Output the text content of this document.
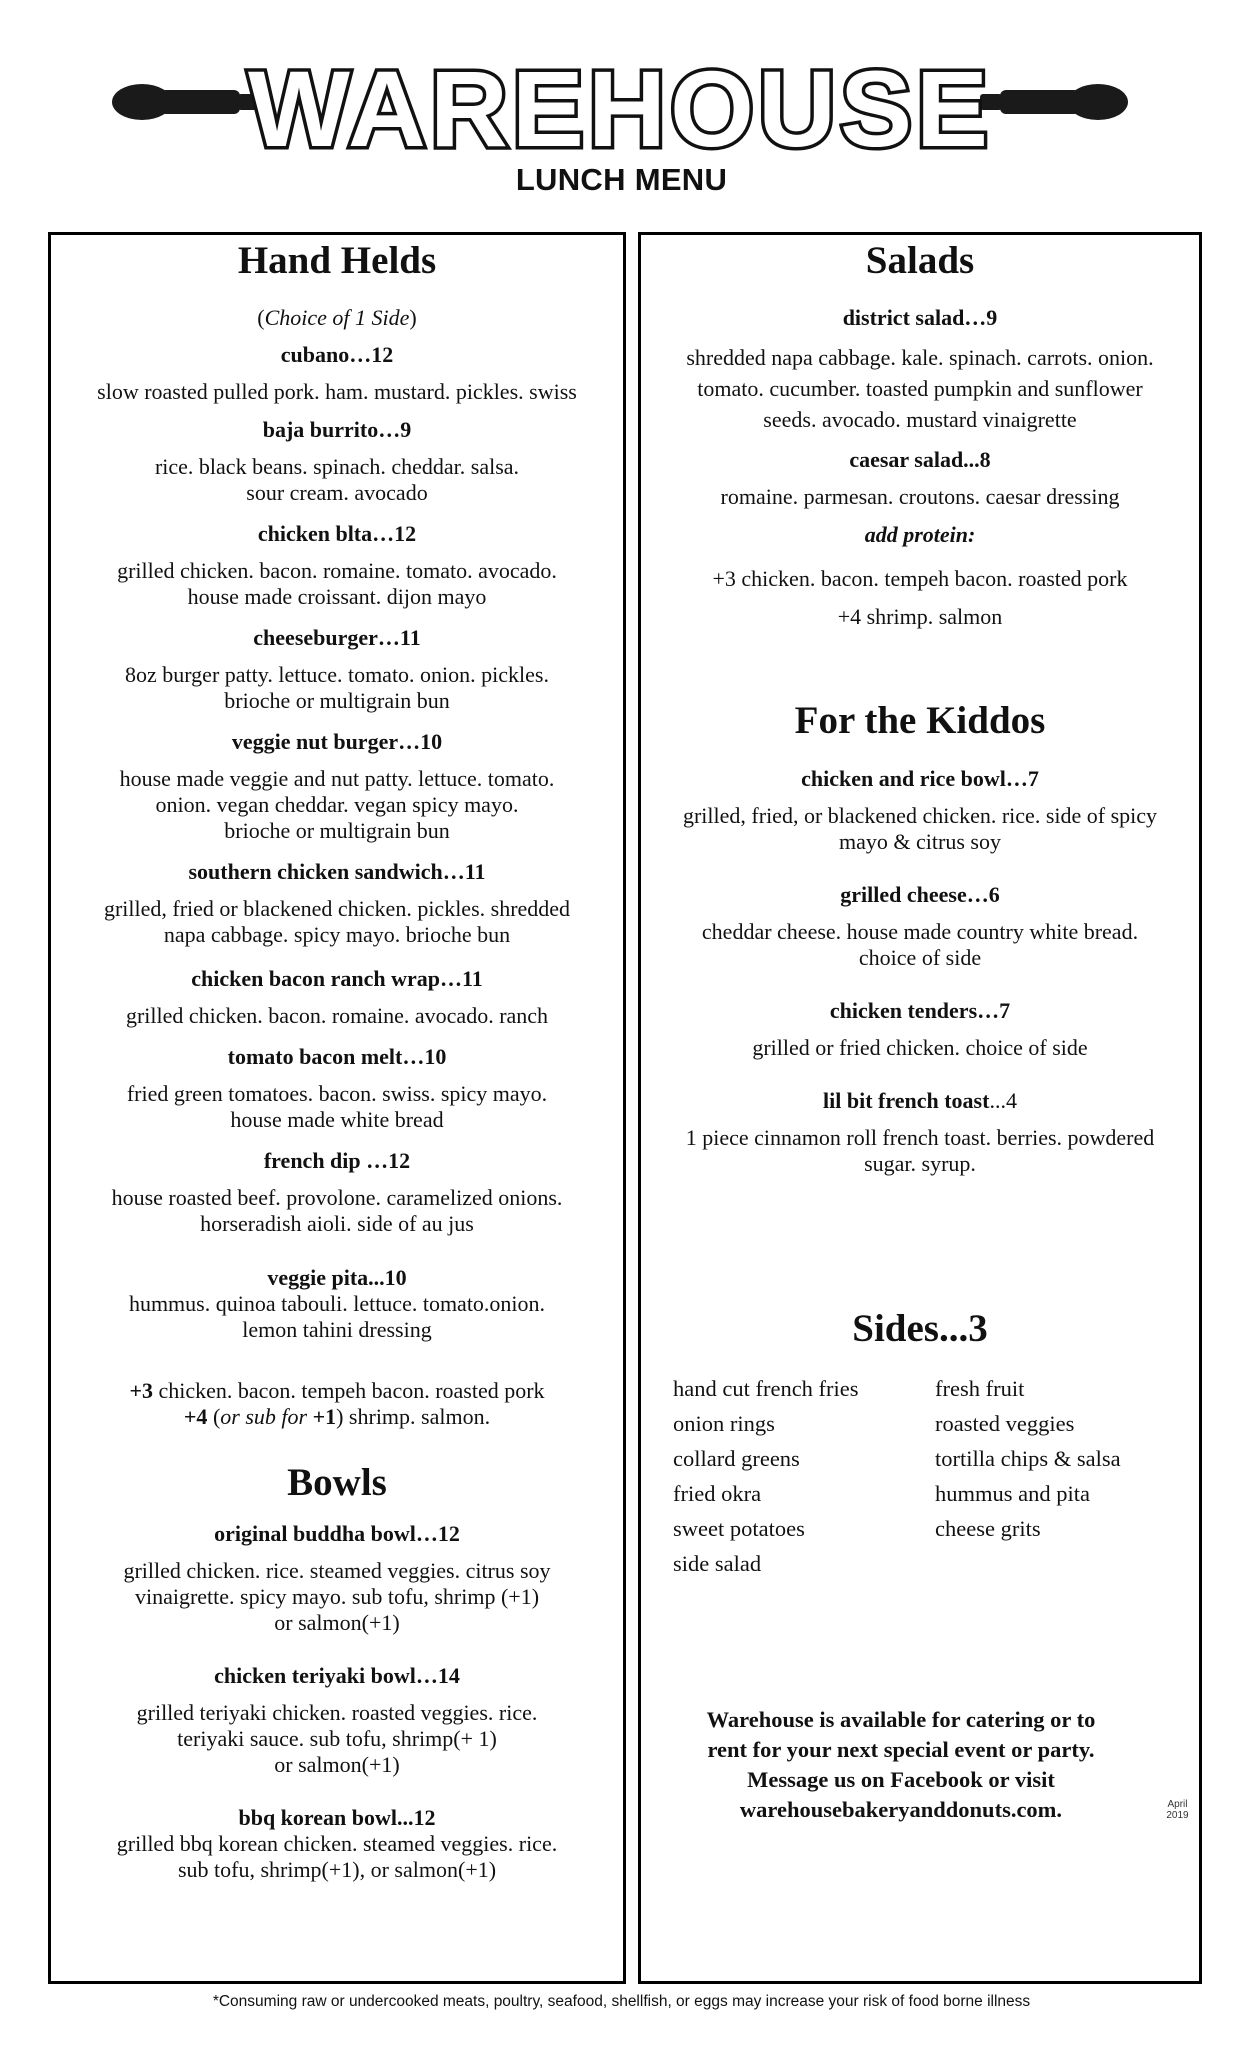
WAREHOUSE
LUNCH MENU
Hand Helds
(Choice of 1 Side)
cubano…12
slow roasted pulled pork. ham. mustard. pickles. swiss
baja burrito…9
rice. black beans. spinach. cheddar. salsa.
sour cream. avocado
chicken blta…12
grilled chicken. bacon. romaine. tomato. avocado.
house made croissant. dijon mayo
cheeseburger…11
8oz burger patty. lettuce. tomato. onion. pickles.
brioche or multigrain bun
veggie nut burger…10
house made veggie and nut patty. lettuce. tomato.
onion. vegan cheddar. vegan spicy mayo.
brioche or multigrain bun
southern chicken sandwich…11
grilled, fried or blackened chicken. pickles. shredded
napa cabbage. spicy mayo. brioche bun
chicken bacon ranch wrap…11
grilled chicken. bacon. romaine. avocado. ranch
tomato bacon melt…10
fried green tomatoes. bacon. swiss. spicy mayo.
house made white bread
french dip …12
house roasted beef. provolone. caramelized onions.
horseradish aioli. side of au jus
veggie pita...10
hummus. quinoa tabouli. lettuce. tomato.onion.
lemon tahini dressing
+3 chicken. bacon. tempeh bacon. roasted pork
+4 (or sub for +1) shrimp. salmon.
Bowls
original buddha bowl…12
grilled chicken. rice. steamed veggies. citrus soy
vinaigrette. spicy mayo. sub tofu, shrimp (+1)
or salmon(+1)
chicken teriyaki bowl…14
grilled teriyaki chicken. roasted veggies. rice.
teriyaki sauce. sub tofu, shrimp(+ 1)
or salmon(+1)
bbq korean bowl...12
grilled bbq korean chicken. steamed veggies. rice.
sub tofu, shrimp(+1), or salmon(+1)
Salads
district salad…9
shredded napa cabbage. kale. spinach. carrots. onion.
tomato. cucumber. toasted pumpkin and sunflower
seeds. avocado. mustard vinaigrette
caesar salad...8
romaine. parmesan. croutons. caesar dressing
add protein:
+3 chicken. bacon. tempeh bacon. roasted pork
+4 shrimp. salmon
For the Kiddos
chicken and rice bowl…7
grilled, fried, or blackened chicken. rice. side of spicy
mayo & citrus soy
grilled cheese…6
cheddar cheese. house made country white bread.
choice of side
chicken tenders…7
grilled or fried chicken. choice of side
lil bit french toast...4
1 piece cinnamon roll french toast. berries. powdered
sugar. syrup.
Sides...3
hand cut french fries
onion rings
collard greens
fried okra
sweet potatoes
side salad
fresh fruit
roasted veggies
tortilla chips & salsa
hummus and pita
cheese grits
Warehouse is available for catering or to
rent for your next special event or party.
Message us on Facebook or visit
warehousebakeryanddonuts.com.	April 2019
*Consuming raw or undercooked meats, poultry, seafood, shellfish, or eggs may increase your risk of food borne illness
